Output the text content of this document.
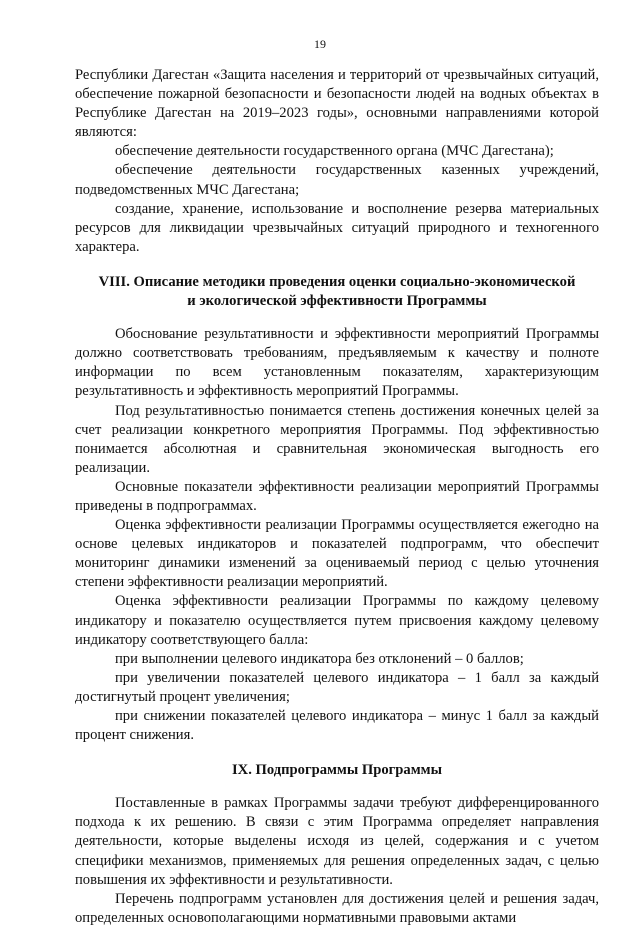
19

Республики Дагестан «Защита населения и территорий от чрезвычайных ситуаций, обеспечение пожарной безопасности и безопасности людей на водных объектах в Республике Дагестан на 2019–2023 годы», основными направлениями которой являются:

обеспечение деятельности государственного органа (МЧС Дагестана);

обеспечение деятельности государственных казенных учреждений, подведомственных МЧС Дагестана;

создание, хранение, использование и восполнение резерва материальных ресурсов для ликвидации чрезвычайных ситуаций природного и техногенного характера.

VIII. Описание методики проведения оценки социально-экономической

и экологической эффективности Программы

Обоснование результативности и эффективности мероприятий Программы должно соответствовать требованиям, предъявляемым к качеству и полноте информации по всем установленным показателям, характеризующим результативность и эффективность мероприятий Программы.

Под результативностью понимается степень достижения конечных целей за счет реализации конкретного мероприятия Программы. Под эффективностью понимается абсолютная и сравнительная экономическая выгодность его реализации.

Основные показатели эффективности реализации мероприятий Программы приведены в подпрограммах.

Оценка эффективности реализации Программы осуществляется ежегодно на основе целевых индикаторов и показателей подпрограмм, что обеспечит мониторинг динамики изменений за оцениваемый период с целью уточнения степени эффективности реализации мероприятий.

Оценка эффективности реализации Программы по каждому целевому индикатору и показателю осуществляется путем присвоения каждому целевому индикатору соответствующего балла:

при выполнении целевого индикатора без отклонений – 0 баллов;

при увеличении показателей целевого индикатора – 1 балл за каждый достигнутый процент увеличения;

при снижении показателей целевого индикатора – минус 1 балл за каждый процент снижения.

IX. Подпрограммы Программы

Поставленные в рамках Программы задачи требуют дифференцированного подхода к их решению. В связи с этим Программа определяет направления деятельности, которые выделены исходя из целей, содержания и с учетом специфики механизмов, применяемых для решения определенных задач, с целью повышения их эффективности и результативности.

Перечень подпрограмм установлен для достижения целей и решения задач, определенных основополагающими нормативными правовыми актами
